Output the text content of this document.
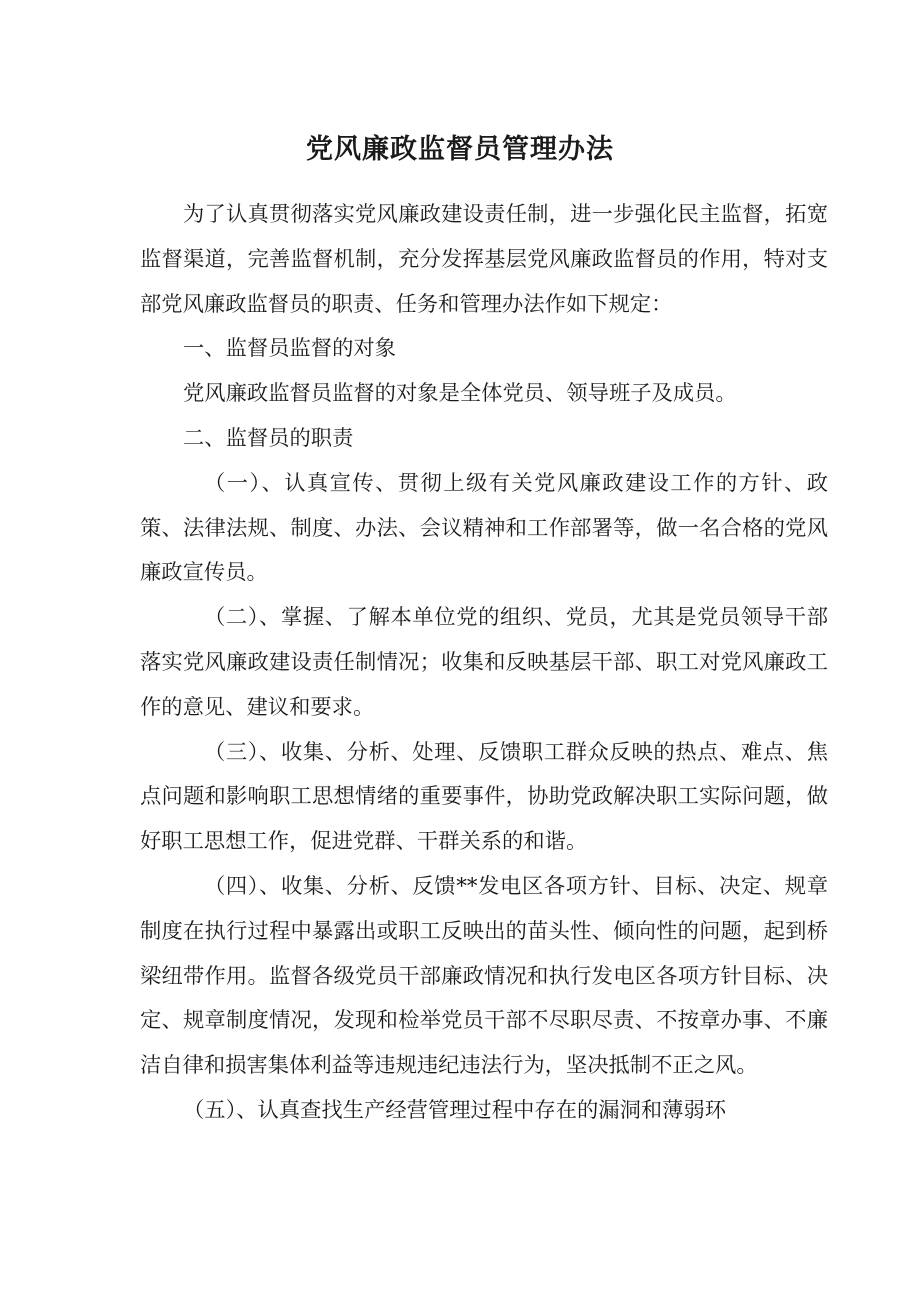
党风廉政监督员管理办法

为了认真贯彻落实党风廉政建设责任制，进一步强化民主监督，拓宽监督渠道，完善监督机制，充分发挥基层党风廉政监督员的作用，特对支部党风廉政监督员的职责、任务和管理办法作如下规定：

一、监督员监督的对象

党风廉政监督员监督的对象是全体党员、领导班子及成员。

二、监督员的职责

（一）、认真宣传、贯彻上级有关党风廉政建设工作的方针、政策、法律法规、制度、办法、会议精神和工作部署等，做一名合格的党风廉政宣传员。

（二）、掌握、了解本单位党的组织、党员，尤其是党员领导干部落实党风廉政建设责任制情况；收集和反映基层干部、职工对党风廉政工作的意见、建议和要求。

（三）、收集、分析、处理、反馈职工群众反映的热点、难点、焦点问题和影响职工思想情绪的重要事件，协助党政解决职工实际问题，做好职工思想工作，促进党群、干群关系的和谐。

（四）、收集、分析、反馈**发电区各项方针、目标、决定、规章制度在执行过程中暴露出或职工反映出的苗头性、倾向性的问题，起到桥梁纽带作用。监督各级党员干部廉政情况和执行发电区各项方针目标、决定、规章制度情况，发现和检举党员干部不尽职尽责、不按章办事、不廉洁自律和损害集体利益等违规违纪违法行为，坚决抵制不正之风。

（五）、认真查找生产经营管理过程中存在的漏洞和薄弱环
